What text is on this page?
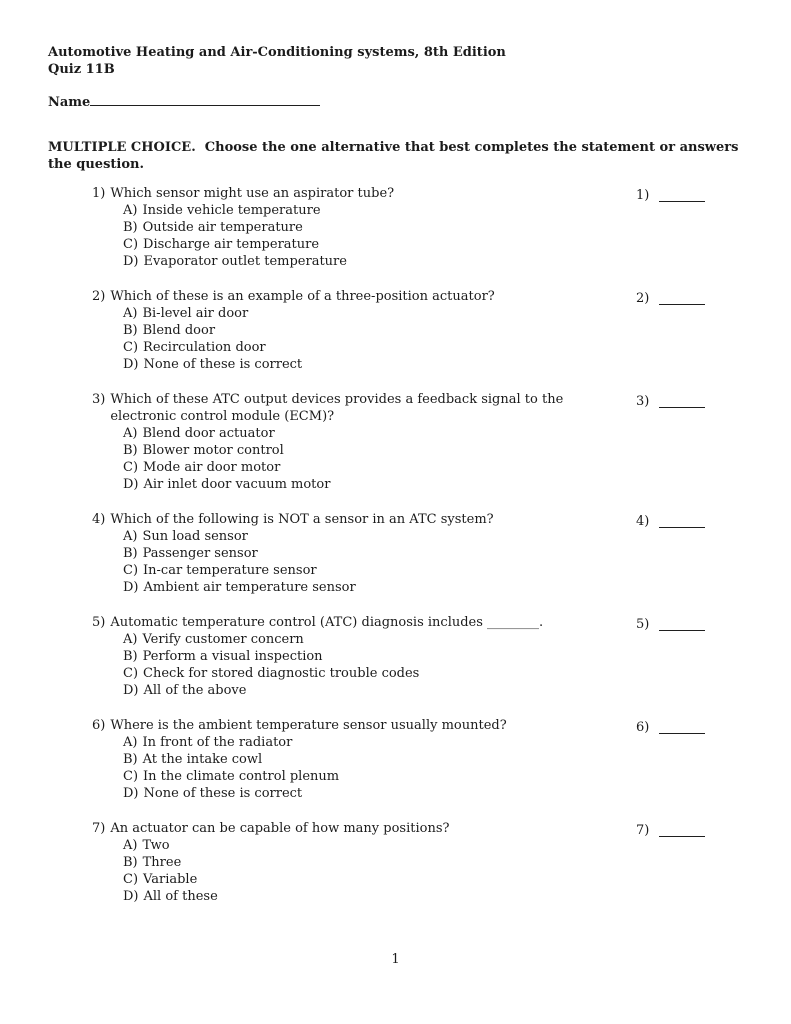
Automotive Heating and Air-Conditioning systems, 8th Edition
Quiz 11B
Name
MULTIPLE CHOICE.  Choose the one alternative that best completes the statement or answers the question.
1) Which sensor might use an aspirator tube?
A) Inside vehicle temperature
B) Outside air temperature
C) Discharge air temperature
D) Evaporator outlet temperature
1)
2) Which of these is an example of a three-position actuator?
A) Bi-level air door
B) Blend door
C) Recirculation door
D) None of these is correct
2)
3) Which of these ATC output devices provides a feedback signal to the electronic control module (ECM)?
A) Blend door actuator
B) Blower motor control
C) Mode air door motor
D) Air inlet door vacuum motor
3)
4) Which of the following is NOT a sensor in an ATC system?
A) Sun load sensor
B) Passenger sensor
C) In-car temperature sensor
D) Ambient air temperature sensor
4)
5) Automatic temperature control (ATC) diagnosis includes ________.
A) Verify customer concern
B) Perform a visual inspection
C) Check for stored diagnostic trouble codes
D) All of the above
5)
6) Where is the ambient temperature sensor usually mounted?
A) In front of the radiator
B) At the intake cowl
C) In the climate control plenum
D) None of these is correct
6)
7) An actuator can be capable of how many positions?
A) Two
B) Three
C) Variable
D) All of these
7)
1
